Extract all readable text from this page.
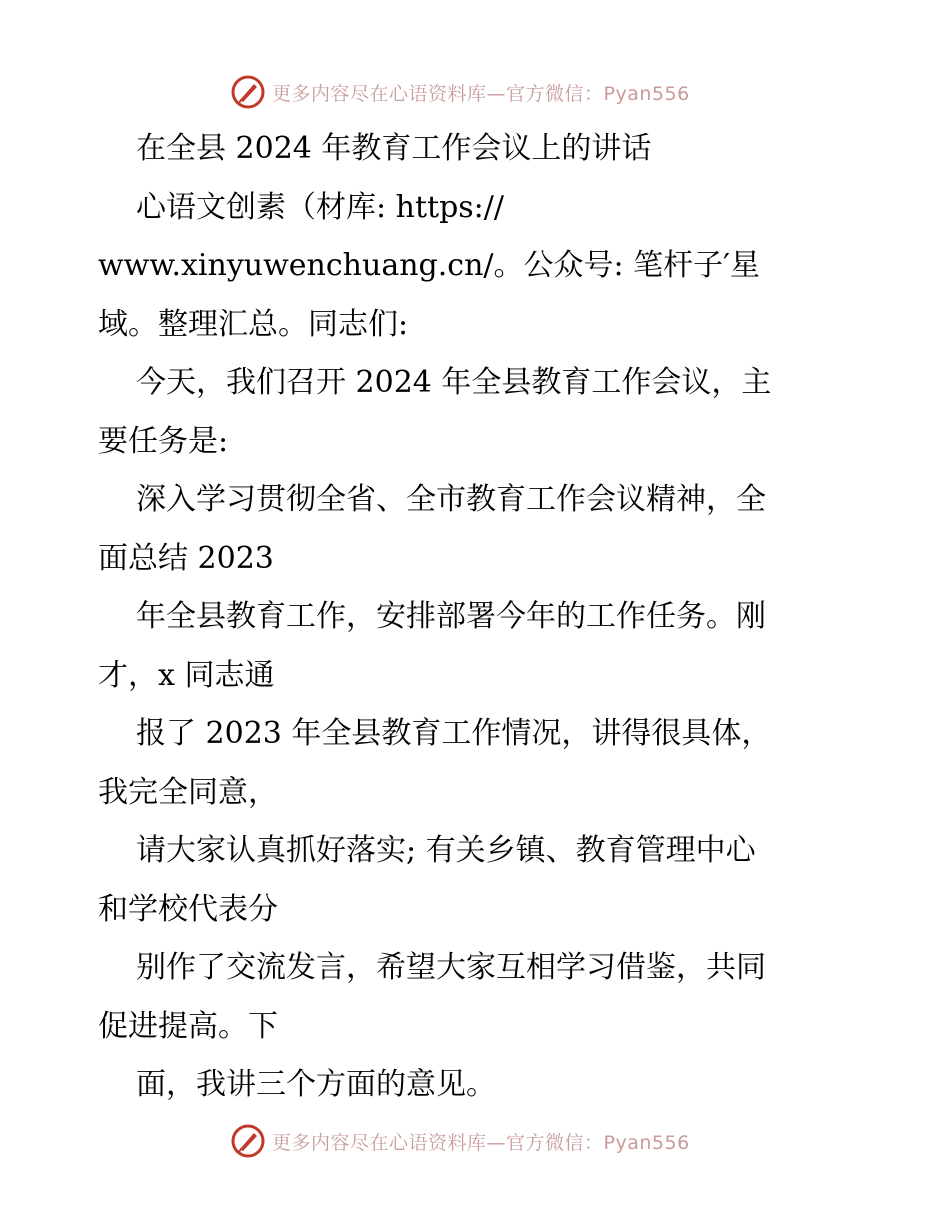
更多内容尽在心语资料库—官方微信：Pyan556
在全县 2024 年教育工作会议上的讲话
心语文创素（材库: https://
www.xinyuwenchuang.cn/。公众号: 笔杆子′星
域。整理汇总。同志们:
今天，我们召开 2024 年全县教育工作会议，主
要任务是:
深入学习贯彻全省、全市教育工作会议精神，全
面总结 2023
年全县教育工作，安排部署今年的工作任务。刚
才，x 同志通
报了 2023 年全县教育工作情况，讲得很具体，
我完全同意，
请大家认真抓好落实; 有关乡镇、教育管理中心
和学校代表分
别作了交流发言，希望大家互相学习借鉴，共同
促进提高。下
面，我讲三个方面的意见。
更多内容尽在心语资料库—官方微信：Pyan556
